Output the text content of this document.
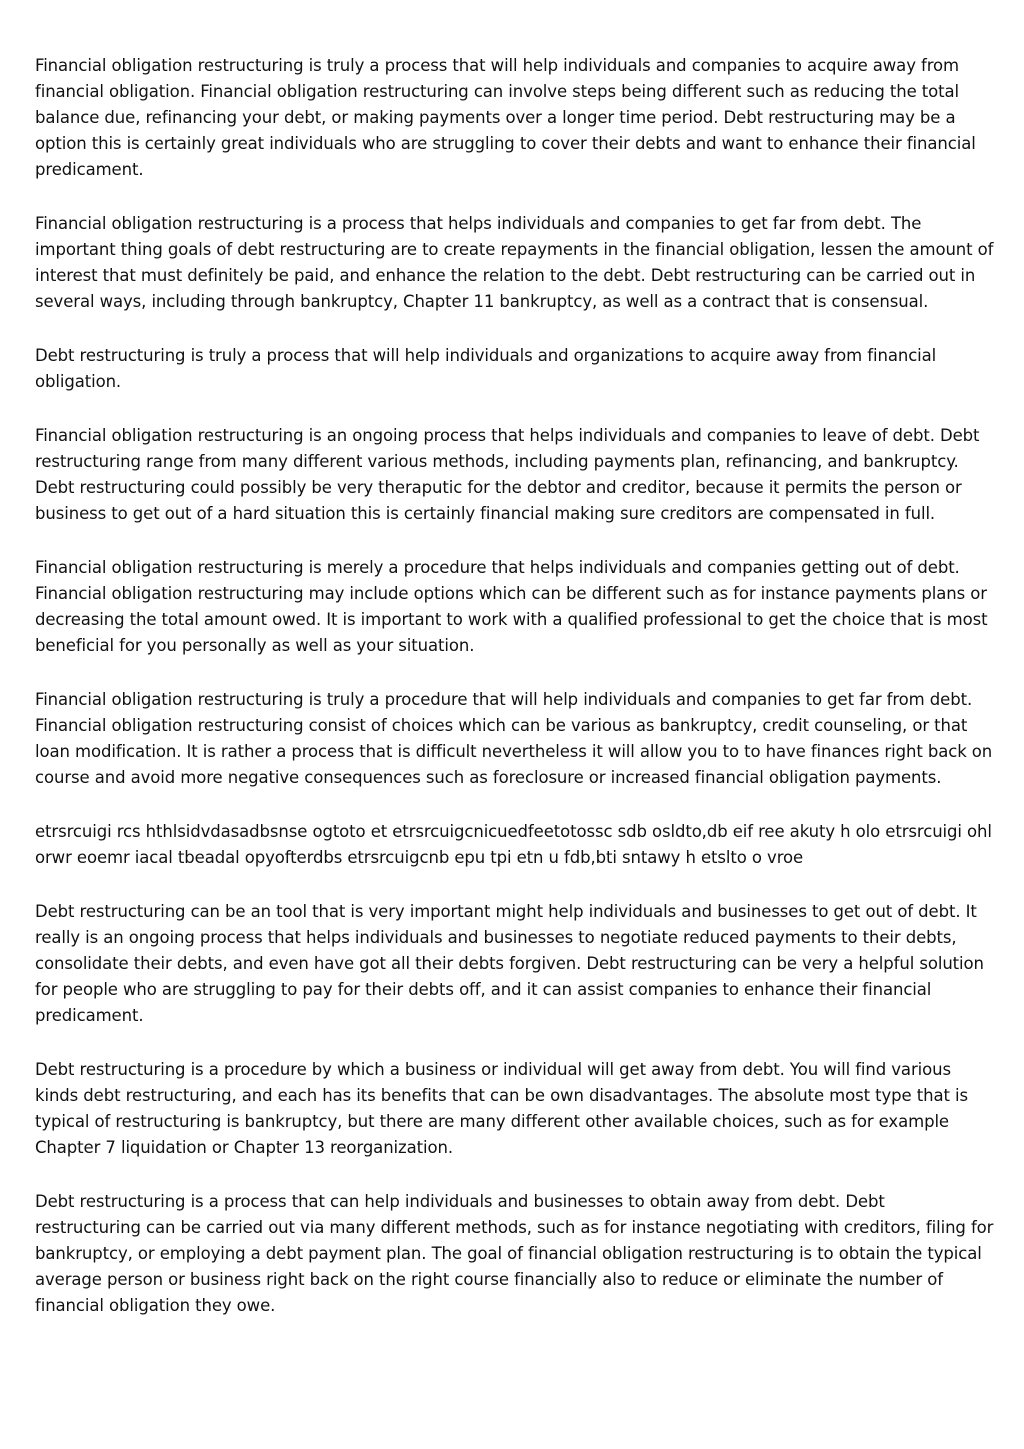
Financial obligation restructuring is truly a process that will help individuals and companies to acquire away from financial obligation. Financial obligation restructuring can involve steps being different such as reducing the total balance due, refinancing your debt, or making payments over a longer time period. Debt restructuring may be a option this is certainly great individuals who are struggling to cover their debts and want to enhance their financial predicament.

Financial obligation restructuring is a process that helps individuals and companies to get far from debt. The important thing goals of debt restructuring are to create repayments in the financial obligation, lessen the amount of interest that must definitely be paid, and enhance the relation to the debt. Debt restructuring can be carried out in several ways, including through bankruptcy, Chapter 11 bankruptcy, as well as a contract that is consensual.

Debt restructuring is truly a process that will help individuals and organizations to acquire away from financial obligation.

Financial obligation restructuring is an ongoing process that helps individuals and companies to leave of debt. Debt restructuring range from many different various methods, including payments plan, refinancing, and bankruptcy. Debt restructuring could possibly be very theraputic for the debtor and creditor, because it permits the person or business to get out of a hard situation this is certainly financial making sure creditors are compensated in full.

Financial obligation restructuring is merely a procedure that helps individuals and companies getting out of debt. Financial obligation restructuring may include options which can be different such as for instance payments plans or decreasing the total amount owed. It is important to work with a qualified professional to get the choice that is most beneficial for you personally as well as your situation.

Financial obligation restructuring is truly a procedure that will help individuals and companies to get far from debt. Financial obligation restructuring consist of choices which can be various as bankruptcy, credit counseling, or that loan modification. It is rather a process that is difficult nevertheless it will allow you to to have finances right back on course and avoid more negative consequences such as foreclosure or increased financial obligation payments.

etrsrcuigi rcs hthlsidvdasadbsnse ogtoto et etrsrcuigcnicuedfeetotossc sdb osldto,db eif ree akuty h olo etrsrcuigi ohl orwr eoemr iacal tbeadal opyofterdbs etrsrcuigcnb epu tpi etn u fdb,bti sntawy h etslto o vroe

Debt restructuring can be an tool that is very important might help individuals and businesses to get out of debt. It really is an ongoing process that helps individuals and businesses to negotiate reduced payments to their debts, consolidate their debts, and even have got all their debts forgiven. Debt restructuring can be very a helpful solution for people who are struggling to pay for their debts off, and it can assist companies to enhance their financial predicament.

Debt restructuring is a procedure by which a business or individual will get away from debt. You will find various kinds debt restructuring, and each has its benefits that can be own disadvantages. The absolute most type that is typical of restructuring is bankruptcy, but there are many different other available choices, such as for example Chapter 7 liquidation or Chapter 13 reorganization.

Debt restructuring is a process that can help individuals and businesses to obtain away from debt. Debt restructuring can be carried out via many different methods, such as for instance negotiating with creditors, filing for bankruptcy, or employing a debt payment plan. The goal of financial obligation restructuring is to obtain the typical average person or business right back on the right course financially also to reduce or eliminate the number of financial obligation they owe.
